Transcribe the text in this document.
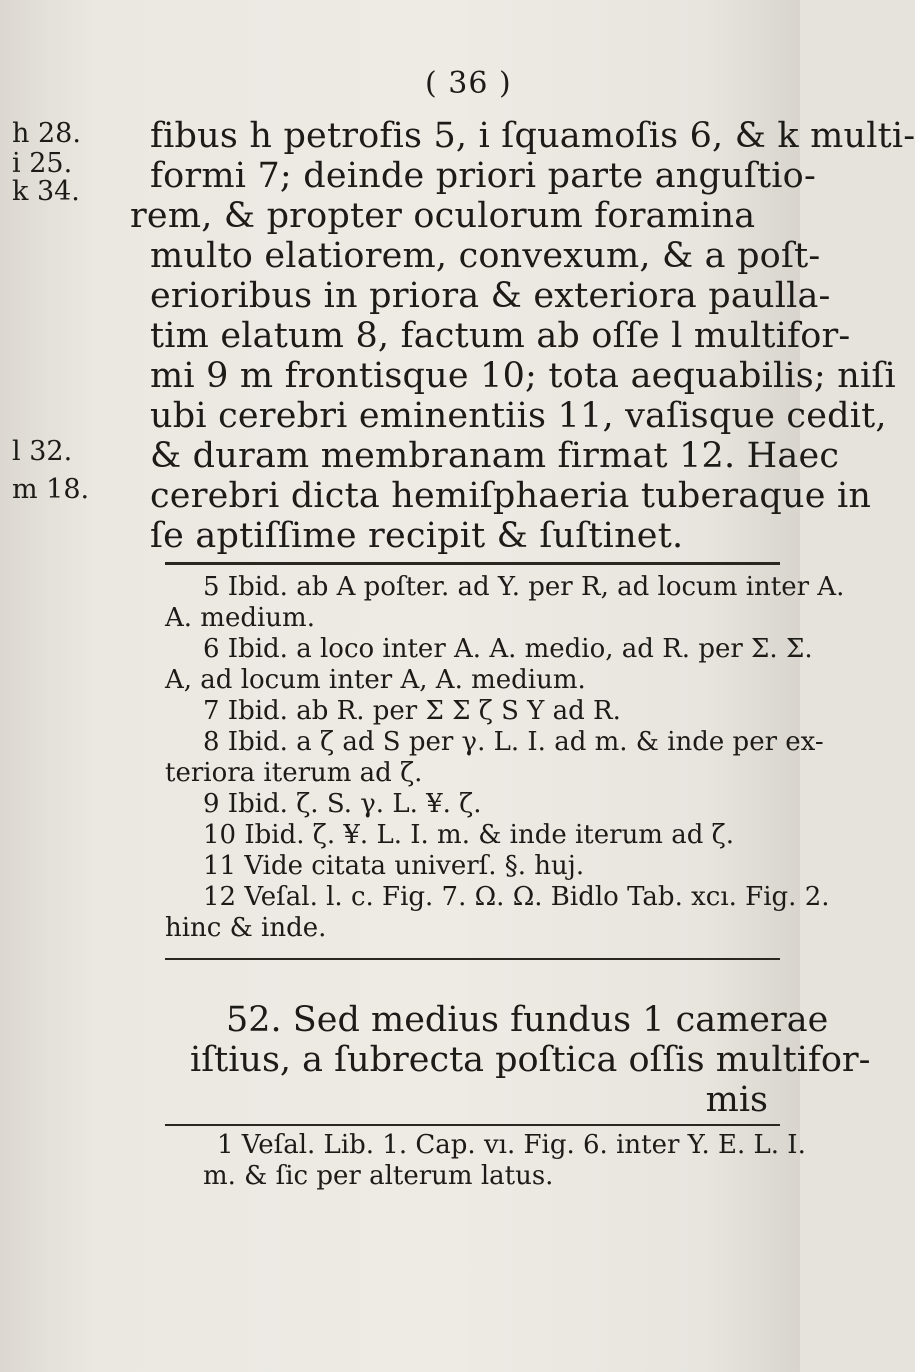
( 36 )
h 28.
i 25.
k 34.
l 32.
m 18.
fibus h petrofis 5, i ſquamoſis 6, & k multi-
formi 7; deinde priori parte anguſtio-
rem, & propter oculorum foramina
multo elatiorem, convexum, & a poſt-
erioribus in priora & exteriora paulla-
tim elatum 8, factum ab oſſe l multifor-
mi 9 m frontisque 10; tota aequabilis; niſi
ubi cerebri eminentiis 11, vaſisque cedit,
& duram membranam firmat 12. Haec
cerebri dicta hemiſphaeria tuberaque in
ſe aptiſſime recipit & ſuſtinet.
5 Ibid. ab A poſter. ad Y. per R, ad locum inter A.
A. medium.
6 Ibid. a loco inter A. A. medio, ad R. per Σ. Σ.
A, ad locum inter A, A. medium.
7 Ibid. ab R. per Σ Σ ζ S Y ad R.
8 Ibid. a ζ ad S per γ. L. I. ad m. & inde per ex-
teriora iterum ad ζ.
9 Ibid. ζ. S. γ. L. ¥. ζ.
10 Ibid. ζ. ¥. L. I. m. & inde iterum ad ζ.
11 Vide citata univerſ. §. huj.
12 Veſal. l. c. Fig. 7. Ω. Ω. Bidlo Tab. xcı. Fig. 2.
hinc & inde.
52. Sed medius fundus 1 camerae
iſtius, a ſubrecta poſtica oſſis multifor-
mis
1 Veſal. Lib. 1. Cap. vı. Fig. 6. inter Y. E. L. I.
m. & ſic per alterum latus.
